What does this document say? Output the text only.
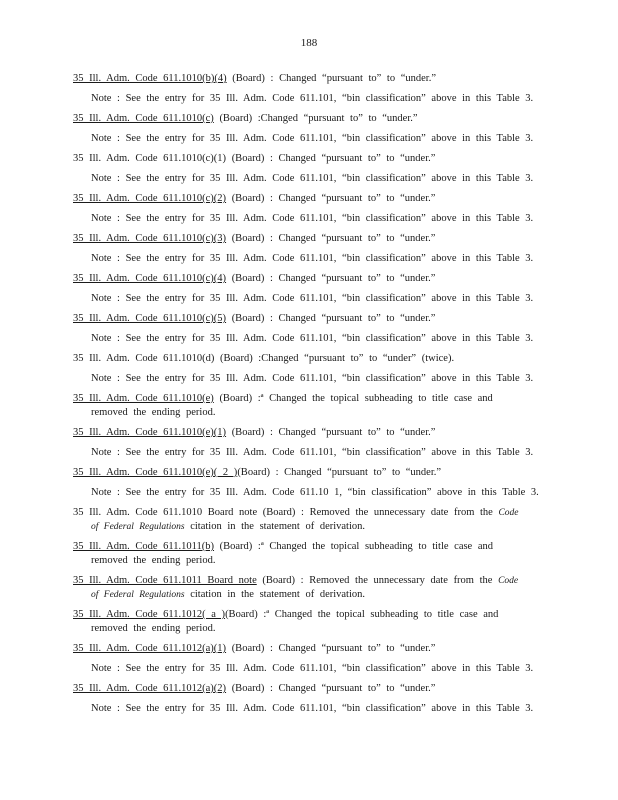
188
35 Ill. Adm. Code 611.1010(b)(4) (Board) : Changed “pursuant to” to “under.”
Note : See the entry for 35 Ill. Adm. Code 611.101, “bin classification” above in this Table 3.
35 Ill. Adm. Code 611.1010(c) (Board) :Changed “pursuant to” to “under.”
Note : See the entry for 35 Ill. Adm. Code 611.101, “bin classification” above in this Table 3.
35 Ill. Adm. Code 611.1010(c)(1) (Board) : Changed “pursuant to” to “under.”
Note : See the entry for 35 Ill. Adm. Code 611.101, “bin classification” above in this Table 3.
35 Ill. Adm. Code 611.1010(c)(2) (Board) : Changed “pursuant to” to “under.”
Note : See the entry for 35 Ill. Adm. Code 611.101, “bin classification” above in this Table 3.
35 Ill. Adm. Code 611.1010(c)(3) (Board) : Changed “pursuant to” to “under.”
Note : See the entry for 35 Ill. Adm. Code 611.101, “bin classification” above in this Table 3.
35 Ill. Adm. Code 611.1010(c)(4) (Board) : Changed “pursuant to” to “under.”
Note : See the entry for 35 Ill. Adm. Code 611.101, “bin classification” above in this Table 3.
35 Ill. Adm. Code 611.1010(c)(5) (Board) : Changed “pursuant to” to “under.”
Note : See the entry for 35 Ill. Adm. Code 611.101, “bin classification” above in this Table 3.
35 Ill. Adm. Code 611.1010(d) (Board) :Changed “pursuant to” to “under” (twice).
Note : See the entry for 35 Ill. Adm. Code 611.101, “bin classification” above in this Table 3.
35 Ill. Adm. Code 611.1010(e) (Board) :ª Changed the topical subheading to title case and
removed the ending period.
35 Ill. Adm. Code 611.1010(e)(1) (Board) : Changed “pursuant to” to “under.”
Note : See the entry for 35 Ill. Adm. Code 611.101, “bin classification” above in this Table 3.
35 Ill. Adm. Code 611.1010(e)( 2 )(Board) : Changed “pursuant to” to “under.”
Note : See the entry for 35 Ill. Adm. Code 611.10 1, “bin classification” above in this Table 3.
35 Ill. Adm. Code 611.1010 Board note (Board) : Removed the unnecessary date from the Code
of Federal Regulations citation in the statement of derivation.
35 Ill. Adm. Code 611.1011(b) (Board) :ª Changed the topical subheading to title case and
removed the ending period.
35 Ill. Adm. Code 611.1011 Board note (Board) : Removed the unnecessary date from the Code
of Federal Regulations citation in the statement of derivation.
35 Ill. Adm. Code 611.1012( a )(Board) :ª Changed the topical subheading to title case and
removed the ending period.
35 Ill. Adm. Code 611.1012(a)(1) (Board) : Changed “pursuant to” to “under.”
Note : See the entry for 35 Ill. Adm. Code 611.101, “bin classification” above in this Table 3.
35 Ill. Adm. Code 611.1012(a)(2) (Board) : Changed “pursuant to” to “under.”
Note : See the entry for 35 Ill. Adm. Code 611.101, “bin classification” above in this Table 3.
